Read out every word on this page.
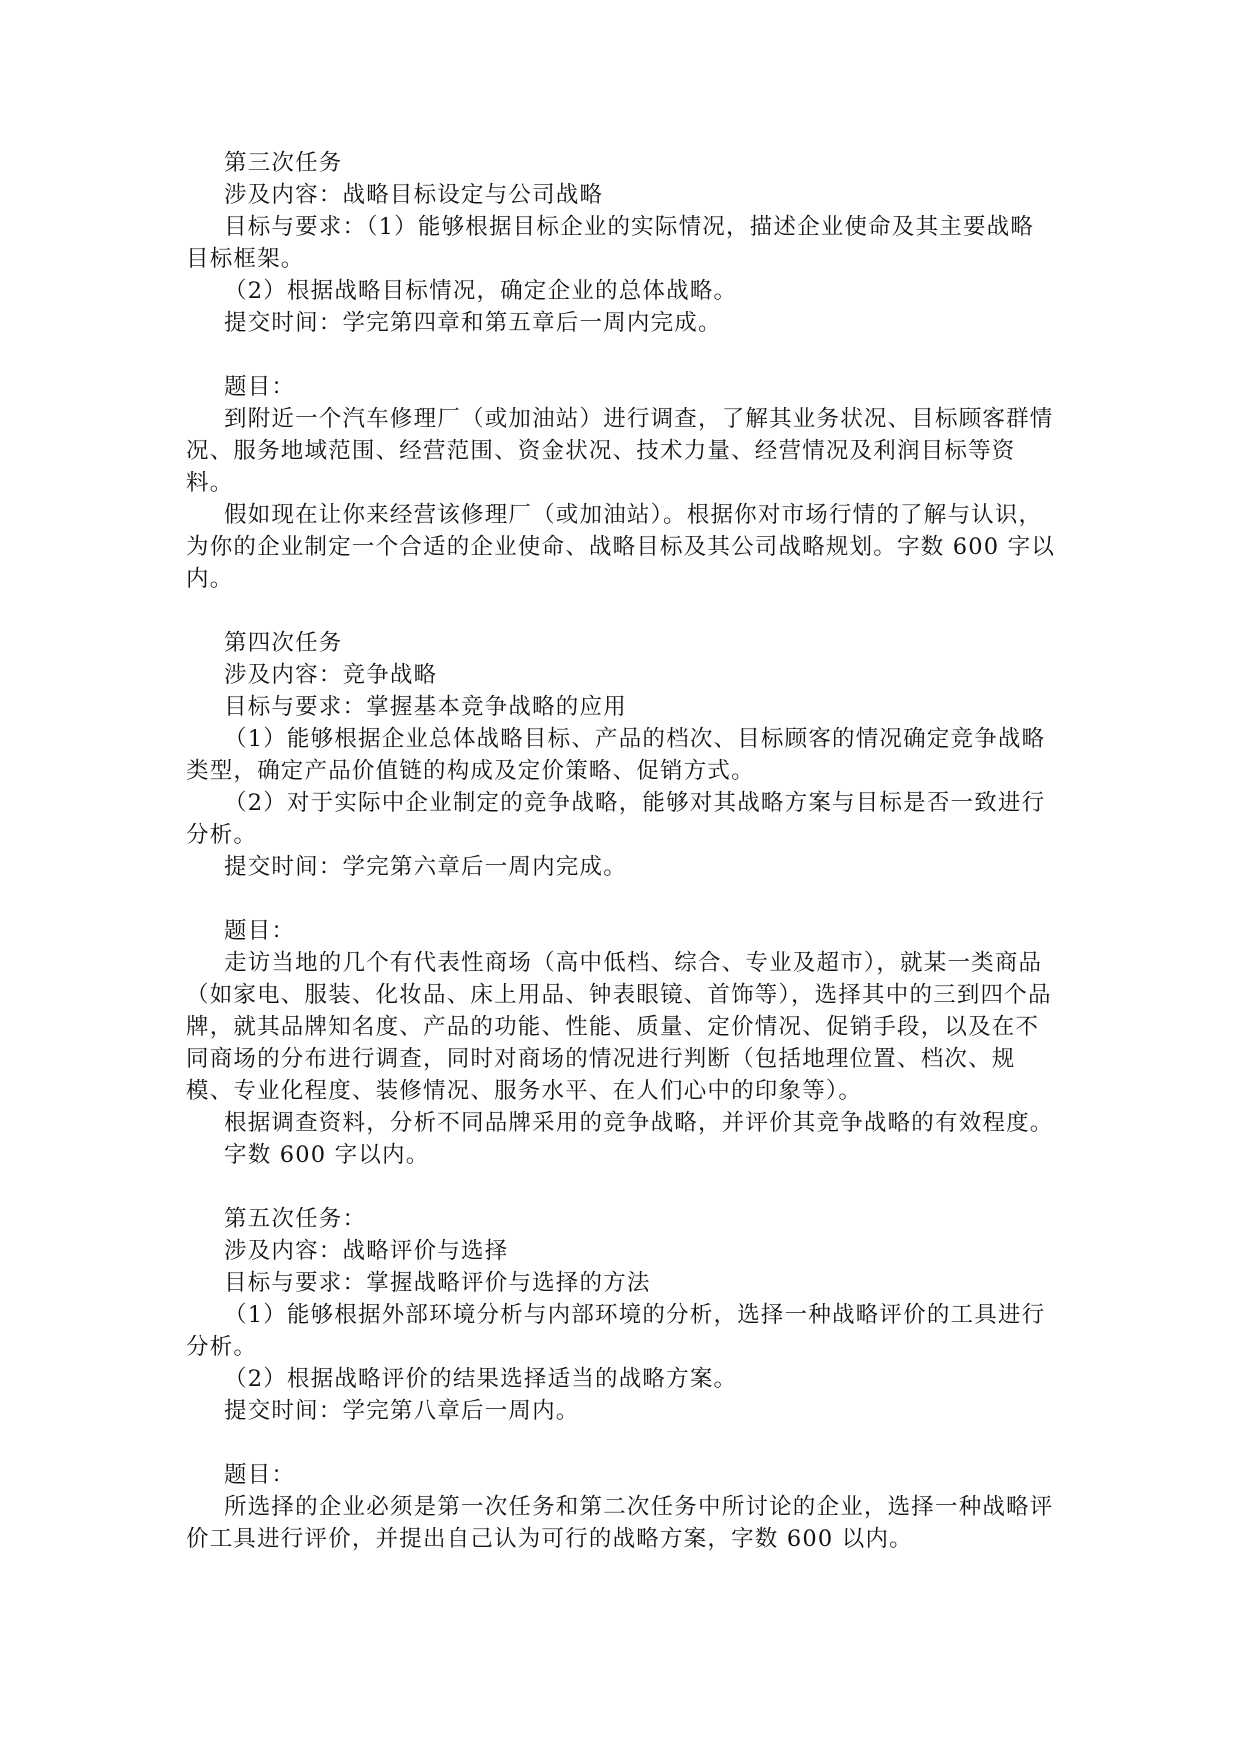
第三次任务

涉及内容：战略目标设定与公司战略

目标与要求：（1）能够根据目标企业的实际情况，描述企业使命及其主要战略目标框架。

（2）根据战略目标情况，确定企业的总体战略。

提交时间：学完第四章和第五章后一周内完成。

题目：

到附近一个汽车修理厂（或加油站）进行调查，了解其业务状况、目标顾客群情况、服务地域范围、经营范围、资金状况、技术力量、经营情况及利润目标等资料。

假如现在让你来经营该修理厂（或加油站）。根据你对市场行情的了解与认识，为你的企业制定一个合适的企业使命、战略目标及其公司战略规划。字数 600 字以内。

第四次任务

涉及内容：竞争战略

目标与要求：掌握基本竞争战略的应用

（1）能够根据企业总体战略目标、产品的档次、目标顾客的情况确定竞争战略类型，确定产品价值链的构成及定价策略、促销方式。

（2）对于实际中企业制定的竞争战略，能够对其战略方案与目标是否一致进行分析。

提交时间：学完第六章后一周内完成。

题目：

走访当地的几个有代表性商场（高中低档、综合、专业及超市），就某一类商品（如家电、服装、化妆品、床上用品、钟表眼镜、首饰等），选择其中的三到四个品牌，就其品牌知名度、产品的功能、性能、质量、定价情况、促销手段，以及在不同商场的分布进行调查，同时对商场的情况进行判断（包括地理位置、档次、规模、专业化程度、装修情况、服务水平、在人们心中的印象等）。

根据调查资料，分析不同品牌采用的竞争战略，并评价其竞争战略的有效程度。

字数 600 字以内。

第五次任务：

涉及内容：战略评价与选择

目标与要求：掌握战略评价与选择的方法

（1）能够根据外部环境分析与内部环境的分析，选择一种战略评价的工具进行分析。

（2）根据战略评价的结果选择适当的战略方案。

提交时间：学完第八章后一周内。

题目：

所选择的企业必须是第一次任务和第二次任务中所讨论的企业，选择一种战略评价工具进行评价，并提出自己认为可行的战略方案，字数 600 以内。
